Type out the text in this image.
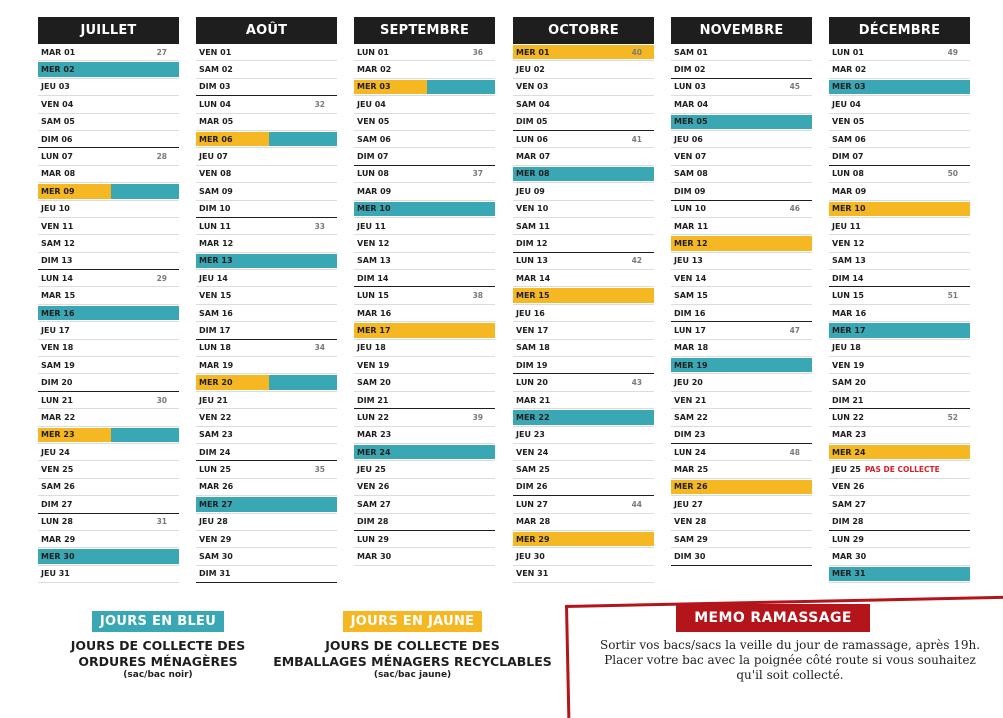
JUILLET
MAR 01	27
MER 02
JEU 03
VEN 04
SAM 05
DIM 06
LUN 07	28
MAR 08
MER 09
JEU 10
VEN 11
SAM 12
DIM 13
LUN 14	29
MAR 15
MER 16
JEU 17
VEN 18
SAM 19
DIM 20
LUN 21	30
MAR 22
MER 23
JEU 24
VEN 25
SAM 26
DIM 27
LUN 28	31
MAR 29
MER 30
JEU 31
AOÛT
VEN 01
SAM 02
DIM 03
LUN 04	32
MAR 05
MER 06
JEU 07
VEN 08
SAM 09
DIM 10
LUN 11	33
MAR 12
MER 13
JEU 14
VEN 15
SAM 16
DIM 17
LUN 18	34
MAR 19
MER 20
JEU 21
VEN 22
SAM 23
DIM 24
LUN 25	35
MAR 26
MER 27
JEU 28
VEN 29
SAM 30
DIM 31
SEPTEMBRE
LUN 01	36
MAR 02
MER 03
JEU 04
VEN 05
SAM 06
DIM 07
LUN 08	37
MAR 09
MER 10
JEU 11
VEN 12
SAM 13
DIM 14
LUN 15	38
MAR 16
MER 17
JEU 18
VEN 19
SAM 20
DIM 21
LUN 22	39
MAR 23
MER 24
JEU 25
VEN 26
SAM 27
DIM 28
LUN 29
MAR 30
OCTOBRE
MER 01	40
JEU 02
VEN 03
SAM 04
DIM 05
LUN 06	41
MAR 07
MER 08
JEU 09
VEN 10
SAM 11
DIM 12
LUN 13	42
MAR 14
MER 15
JEU 16
VEN 17
SAM 18
DIM 19
LUN 20	43
MAR 21
MER 22
JEU 23
VEN 24
SAM 25
DIM 26
LUN 27	44
MAR 28
MER 29
JEU 30
VEN 31
NOVEMBRE
SAM 01
DIM 02
LUN 03	45
MAR 04
MER 05
JEU 06
VEN 07
SAM 08
DIM 09
LUN 10	46
MAR 11
MER 12
JEU 13
VEN 14
SAM 15
DIM 16
LUN 17	47
MAR 18
MER 19
JEU 20
VEN 21
SAM 22
DIM 23
LUN 24	48
MAR 25
MER 26
JEU 27
VEN 28
SAM 29
DIM 30
DÉCEMBRE
LUN 01	49
MAR 02
MER 03
JEU 04
VEN 05
SAM 06
DIM 07
LUN 08	50
MAR 09
MER 10
JEU 11
VEN 12
SAM 13
DIM 14
LUN 15	51
MAR 16
MER 17
JEU 18
VEN 19
SAM 20
DIM 21
LUN 22	52
MAR 23
MER 24
JEU 25 PAS DE COLLECTE
VEN 26
SAM 27
DIM 28
LUN 29
MAR 30
MER 31
JOURS EN BLEU
JOURS DE COLLECTE DES
ORDURES MÉNAGÈRES
(sac/bac noir)
JOURS EN JAUNE
JOURS DE COLLECTE DES
EMBALLAGES MÉNAGERS RECYCLABLES
(sac/bac jaune)
MEMO RAMASSAGE
Sortir vos bacs/sacs la veille du jour de ramassage, après 19h.
Placer votre bac avec la poignée côté route si vous souhaitez
qu'il soit collecté.
